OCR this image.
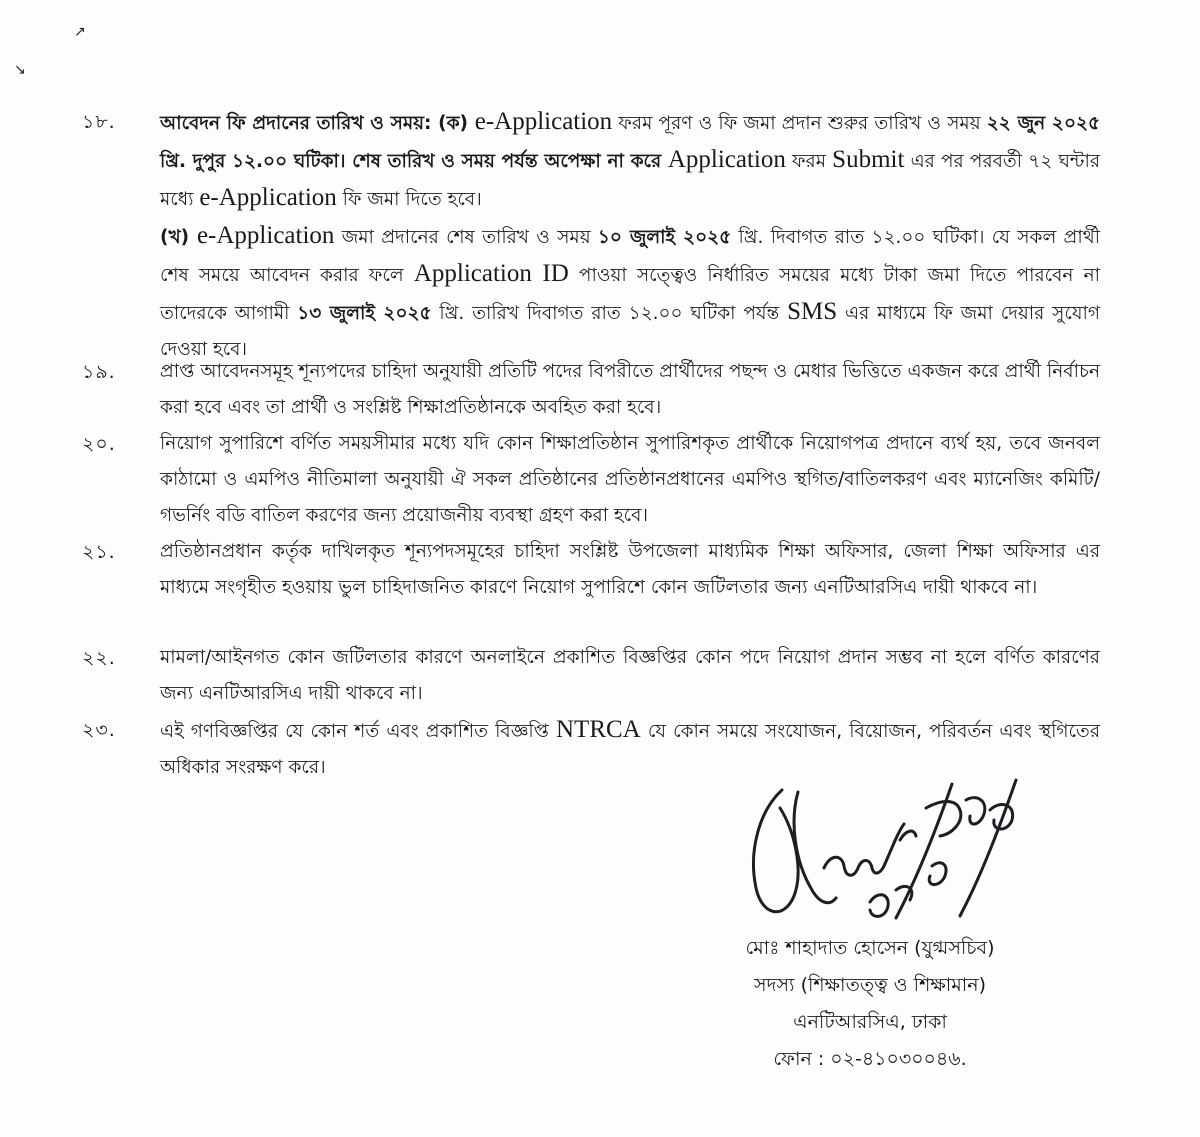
↗
↘
১৮. আবেদন ফি প্রদানের তারিখ ও সময়: (ক) e-Application ফরম পূরণ ও ফি জমা প্রদান শুরুর তারিখ ও সময় ২২ জুন ২০২৫ খ্রি. দুপুর ১২.০০ ঘটিকা। শেষ তারিখ ও সময় পর্যন্ত অপেক্ষা না করে Application ফরম Submit এর পর পরবর্তী ৭২ ঘন্টার মধ্যে e-Application ফি জমা দিতে হবে।

(খ) e-Application জমা প্রদানের শেষ তারিখ ও সময় ১০ জুলাই ২০২৫ খ্রি. দিবাগত রাত ১২.০০ ঘটিকা। যে সকল প্রার্থী শেষ সময়ে আবেদন করার ফলে Application ID পাওয়া সত্ত্বেও নির্ধারিত সময়ের মধ্যে টাকা জমা দিতে পারবেন না তাদেরকে আগামী ১৩ জুলাই ২০২৫ খ্রি. তারিখ দিবাগত রাত ১২.০০ ঘটিকা পর্যন্ত SMS এর মাধ্যমে ফি জমা দেয়ার সুযোগ দেওয়া হবে।

১৯. প্রাপ্ত আবেদনসমূহ শূন্যপদের চাহিদা অনুযায়ী প্রতিটি পদের বিপরীতে প্রার্থীদের পছন্দ ও মেধার ভিত্তিতে একজন করে প্রার্থী নির্বাচন করা হবে এবং তা প্রার্থী ও সংশ্লিষ্ট শিক্ষাপ্রতিষ্ঠানকে অবহিত করা হবে।

২০. নিয়োগ সুপারিশে বর্ণিত সময়সীমার মধ্যে যদি কোন শিক্ষাপ্রতিষ্ঠান সুপারিশকৃত প্রার্থীকে নিয়োগপত্র প্রদানে ব্যর্থ হয়, তবে জনবল কাঠামো ও এমপিও নীতিমালা অনুযায়ী ঐ সকল প্রতিষ্ঠানের প্রতিষ্ঠানপ্রধানের এমপিও স্থগিত/বাতিলকরণ এবং ম্যানেজিং কমিটি/গভর্নিং বডি বাতিল করণের জন্য প্রয়োজনীয় ব্যবস্থা গ্রহণ করা হবে।

২১. প্রতিষ্ঠানপ্রধান কর্তৃক দাখিলকৃত শূন্যপদসমূহের চাহিদা সংশ্লিষ্ট উপজেলা মাধ্যমিক শিক্ষা অফিসার, জেলা শিক্ষা অফিসার এর মাধ্যমে সংগৃহীত হওয়ায় ভুল চাহিদাজনিত কারণে নিয়োগ সুপারিশে কোন জটিলতার জন্য এনটিআরসিএ দায়ী থাকবে না।

২২. মামলা/আইনগত কোন জটিলতার কারণে অনলাইনে প্রকাশিত বিজ্ঞপ্তির কোন পদে নিয়োগ প্রদান সম্ভব না হলে বর্ণিত কারণের জন্য এনটিআরসিএ দায়ী থাকবে না।

২৩. এই গণবিজ্ঞপ্তির যে কোন শর্ত এবং প্রকাশিত বিজ্ঞপ্তি NTRCA যে কোন সময়ে সংযোজন, বিয়োজন, পরিবর্তন এবং স্থগিতের অধিকার সংরক্ষণ করে।

২৬/৬/২৫
মোঃ শাহাদাত হোসেন (যুগ্মসচিব)
সদস্য (শিক্ষাতত্ত্ব ও শিক্ষামান)
এনটিআরসিএ, ঢাকা
ফোন : ০২-৪১০৩০০৪৬.
